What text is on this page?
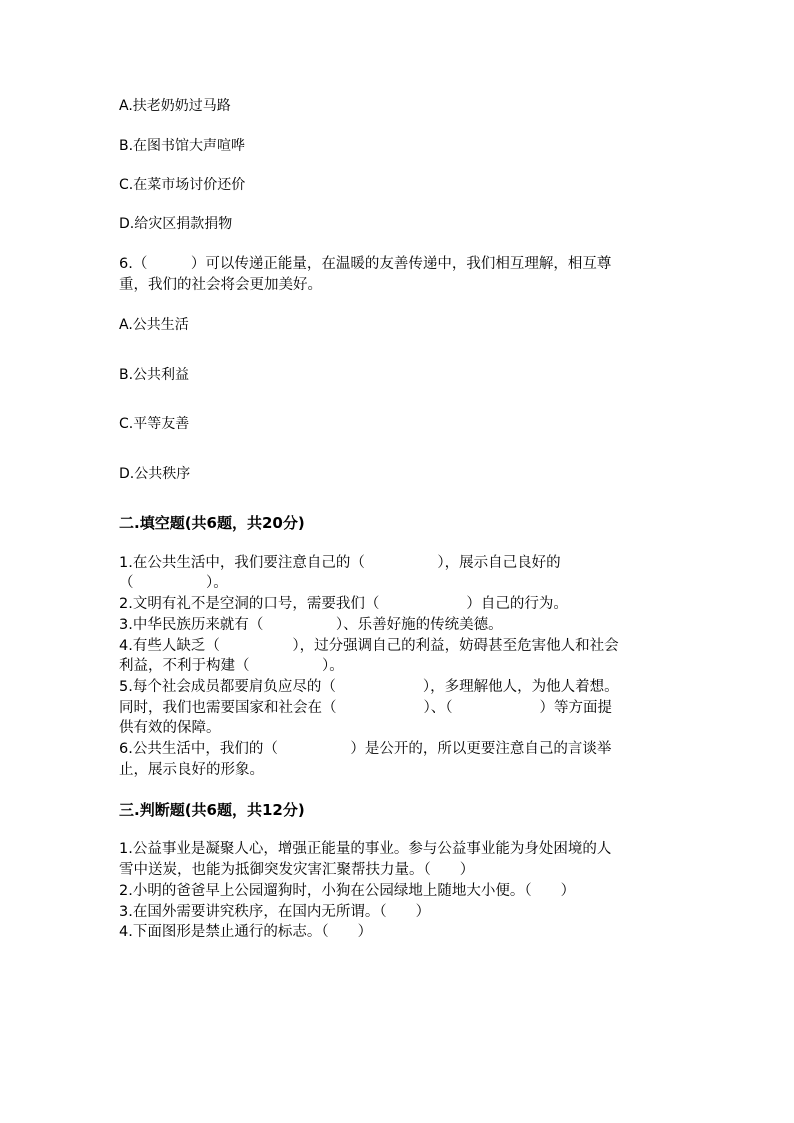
A.扶老奶奶过马路
B.在图书馆大声喧哗
C.在菜市场讨价还价
D.给灾区捐款捐物
6.（　　　）可以传递正能量，在温暖的友善传递中，我们相互理解，相互尊
重，我们的社会将会更加美好。
A.公共生活
B.公共利益
C.平等友善
D.公共秩序
二.填空题(共6题，共20分)
1.在公共生活中，我们要注意自己的（　　　　　），展示自己良好的
（　　　　　）。
2.文明有礼不是空洞的口号，需要我们（　　　　　　）自己的行为。
3.中华民族历来就有（　　　　　）、乐善好施的传统美德。
4.有些人缺乏（　　　　　），过分强调自己的利益，妨碍甚至危害他人和社会
利益，不利于构建（　　　　　）。
5.每个社会成员都要肩负应尽的（　　　　　　），多理解他人，为他人着想。
同时，我们也需要国家和社会在（　　　　　　）、（　　　　　　）等方面提
供有效的保障。
6.公共生活中，我们的（　　　　　）是公开的，所以更要注意自己的言谈举
止，展示良好的形象。
三.判断题(共6题，共12分)
1.公益事业是凝聚人心，增强正能量的事业。参与公益事业能为身处困境的人
雪中送炭，也能为抵御突发灾害汇聚帮扶力量。（　　）
2.小明的爸爸早上公园遛狗时，小狗在公园绿地上随地大小便。（　　）
3.在国外需要讲究秩序，在国内无所谓。（　　）
4.下面图形是禁止通行的标志。（　　）
